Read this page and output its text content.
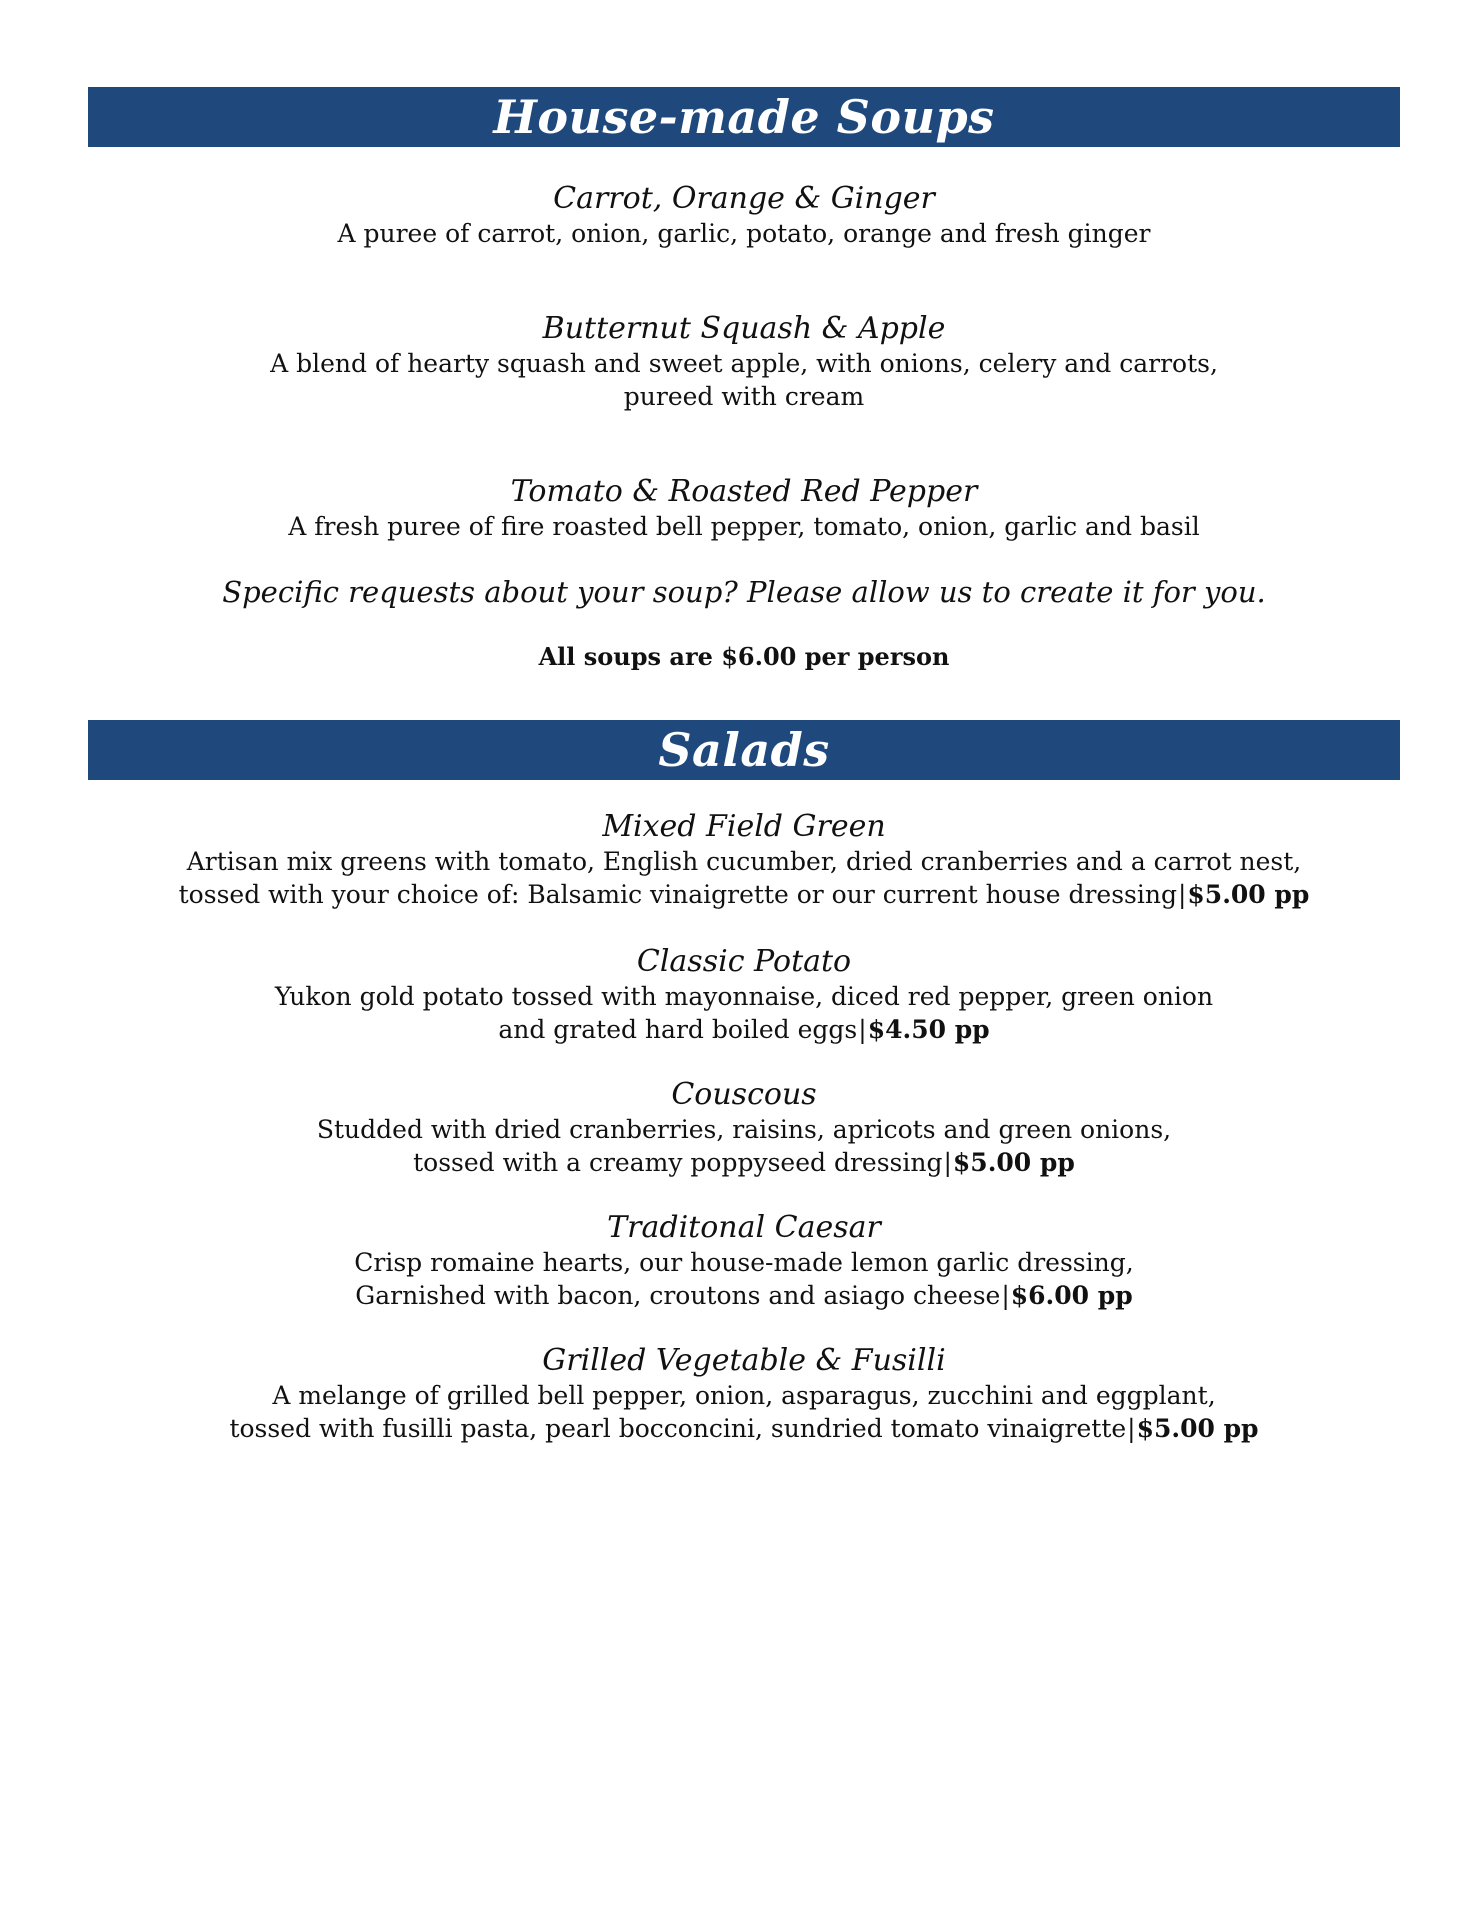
House-made Soups
Carrot, Orange & Ginger
A puree of carrot, onion, garlic, potato, orange and fresh ginger
Butternut Squash & Apple
A blend of hearty squash and sweet apple, with onions, celery and carrots,
pureed with cream
Tomato & Roasted Red Pepper
A fresh puree of fire roasted bell pepper, tomato, onion, garlic and basil
Specific requests about your soup? Please allow us to create it for you.
All soups are $6.00 per person
Salads
Mixed Field Green
Artisan mix greens with tomato, English cucumber, dried cranberries and a carrot nest,
tossed with your choice of: Balsamic vinaigrette or our current house dressing|$5.00 pp
Classic Potato
Yukon gold potato tossed with mayonnaise, diced red pepper, green onion
and grated hard boiled eggs|$4.50 pp
Couscous
Studded with dried cranberries, raisins, apricots and green onions,
tossed with a creamy poppyseed dressing|$5.00 pp
Traditonal Caesar
Crisp romaine hearts, our house-made lemon garlic dressing,
Garnished with bacon, croutons and asiago cheese|$6.00 pp
Grilled Vegetable & Fusilli
A melange of grilled bell pepper, onion, asparagus, zucchini and eggplant,
tossed with fusilli pasta, pearl bocconcini, sundried tomato vinaigrette|$5.00 pp
